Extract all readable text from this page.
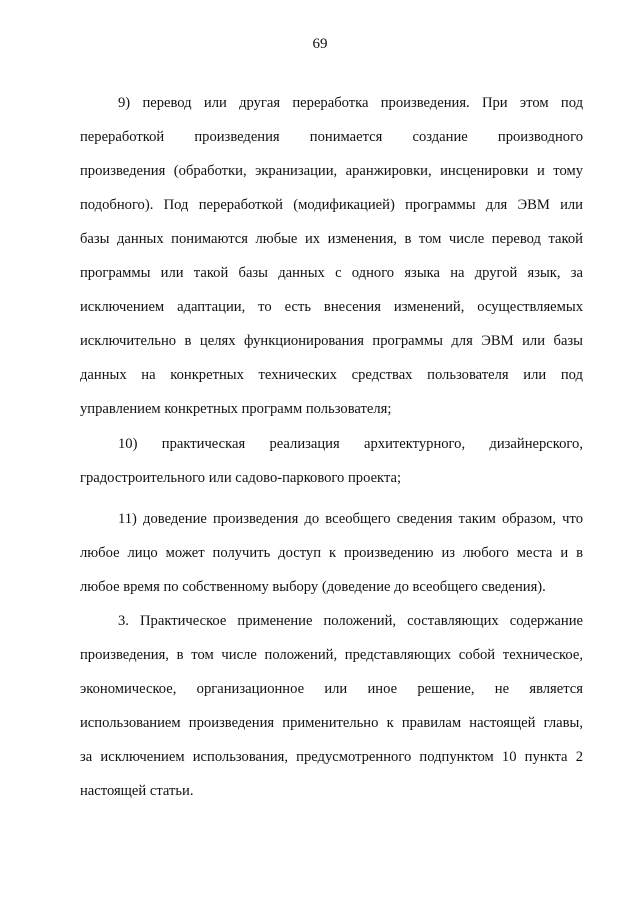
69
9) перевод или другая переработка произведения. При этом под
переработкой произведения понимается создание производного
произведения (обработки, экранизации, аранжировки, инсценировки и тому
подобного). Под переработкой (модификацией) программы для ЭВМ или
базы данных понимаются любые их изменения, в том числе перевод такой
программы или такой базы данных с одного языка на другой язык, за
исключением адаптации, то есть внесения изменений, осуществляемых
исключительно в целях функционирования программы для ЭВМ или базы
данных на конкретных технических средствах пользователя или под
управлением конкретных программ пользователя;
10) практическая реализация архитектурного, дизайнерского,
градостроительного или садово-паркового проекта;
11) доведение произведения до всеобщего сведения таким образом, что
любое лицо может получить доступ к произведению из любого места и в
любое время по собственному выбору (доведение до всеобщего сведения).
3. Практическое применение положений, составляющих содержание
произведения, в том числе положений, представляющих собой техническое,
экономическое, организационное или иное решение, не является
использованием произведения применительно к правилам настоящей главы,
за исключением использования, предусмотренного подпунктом 10 пункта 2
настоящей статьи.
